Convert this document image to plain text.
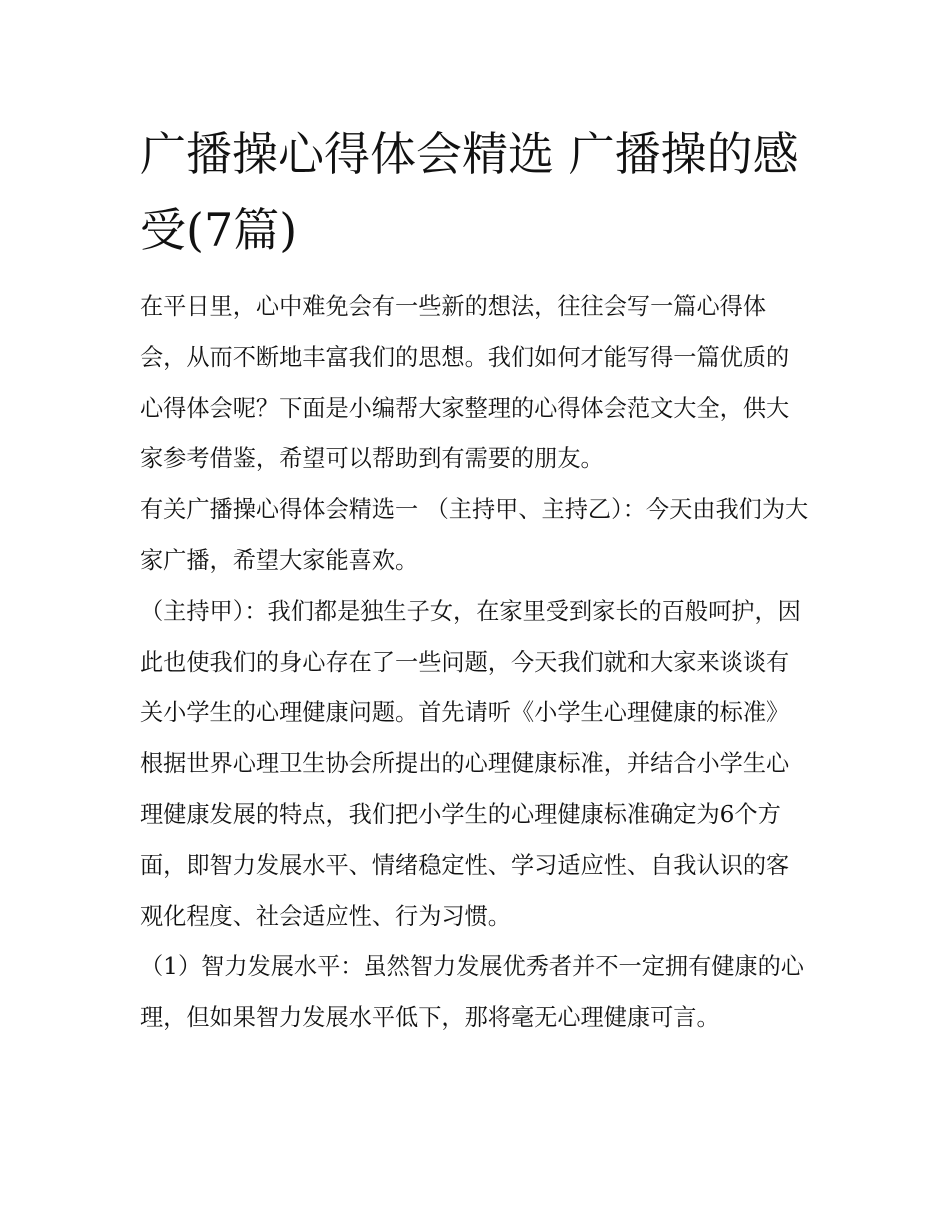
广播操心得体会精选 广播操的感受(7篇)

在平日里，心中难免会有一些新的想法，往往会写一篇心得体会，从而不断地丰富我们的思想。我们如何才能写得一篇优质的心得体会呢？下面是小编帮大家整理的心得体会范文大全，供大家参考借鉴，希望可以帮助到有需要的朋友。

有关广播操心得体会精选一 （主持甲、主持乙）：今天由我们为大家广播，希望大家能喜欢。

（主持甲）：我们都是独生子女，在家里受到家长的百般呵护，因此也使我们的身心存在了一些问题，今天我们就和大家来谈谈有关小学生的心理健康问题。首先请听《小学生心理健康的标准》

根据世界心理卫生协会所提出的心理健康标准，并结合小学生心理健康发展的特点，我们把小学生的心理健康标准确定为6个方面，即智力发展水平、情绪稳定性、学习适应性、自我认识的客观化程度、社会适应性、行为习惯。

（1）智力发展水平：虽然智力发展优秀者并不一定拥有健康的心理，但如果智力发展水平低下，那将毫无心理健康可言。
